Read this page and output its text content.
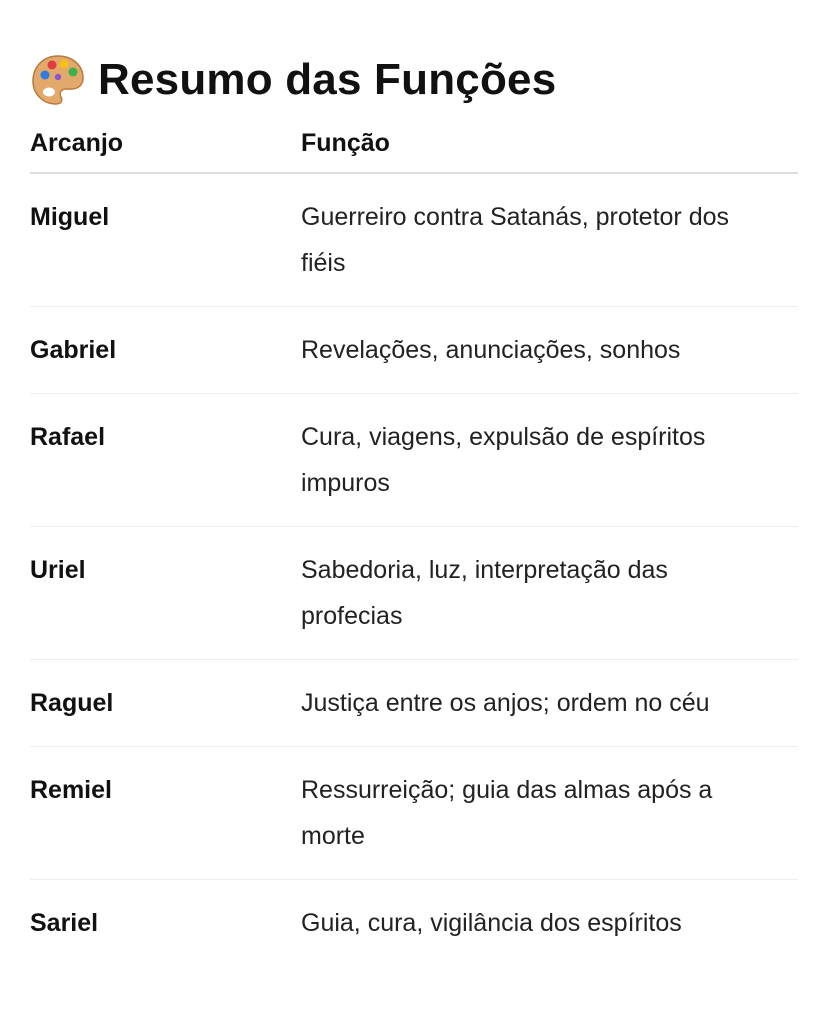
Resumo das Funções
Arcanjo	Função
Miguel	Guerreiro contra Satanás, protetor dos fiéis
Gabriel	Revelações, anunciações, sonhos
Rafael	Cura, viagens, expulsão de espíritos impuros
Uriel	Sabedoria, luz, interpretação das profecias
Raguel	Justiça entre os anjos; ordem no céu
Remiel	Ressurreição; guia das almas após a morte
Sariel	Guia, cura, vigilância dos espíritos
